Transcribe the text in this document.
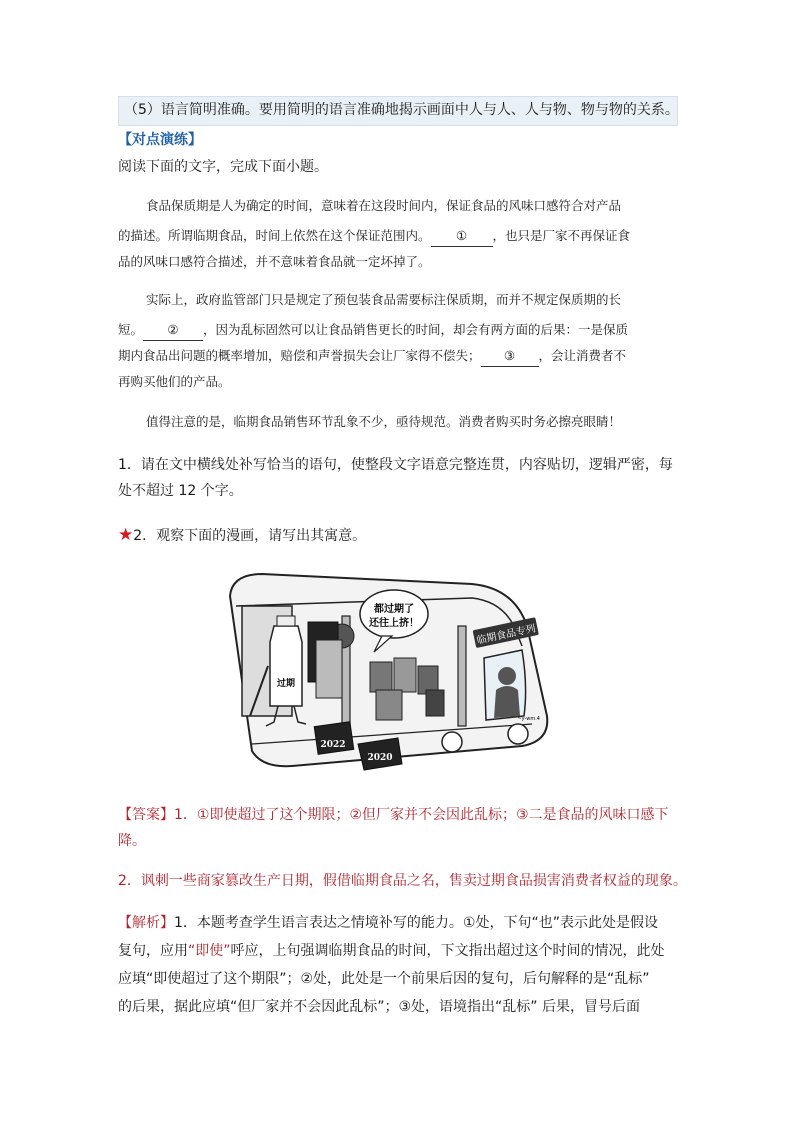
（5）语言简明准确。要用简明的语言准确地揭示画面中人与人、人与物、物与物的关系。
【对点演练】
阅读下面的文字，完成下面小题。
食品保质期是人为确定的时间，意味着在这段时间内，保证食品的风味口感符合对产品
的描述。所谓临期食品，时间上依然在这个保证范围内。 ① ，也只是厂家不再保证食
品的风味口感符合描述，并不意味着食品就一定坏掉了。
实际上，政府监管部门只是规定了预包装食品需要标注保质期，而并不规定保质期的长
短。 ② ，因为乱标固然可以让食品销售更长的时间，却会有两方面的后果：一是保质
期内食品出问题的概率增加，赔偿和声誉损失会让厂家得不偿失； ③ ，会让消费者不
再购买他们的产品。
值得注意的是，临期食品销售环节乱象不少，亟待规范。消费者购买时务必擦亮眼睛！
1．请在文中横线处补写恰当的语句，使整段文字语意完整连贯，内容贴切，逻辑严密，每
处不超过 12 个字。
★2．观察下面的漫画，请写出其寓意。
临期食品专列
都过期了
还往上挤！
过期
2022
2020
~y-wm.4
【答案】1．①即使超过了这个期限；②但厂家并不会因此乱标；③二是食品的风味口感下
降。
2．讽刺一些商家篡改生产日期，假借临期食品之名，售卖过期食品损害消费者权益的现象。
【解析】1．本题考查学生语言表达之情境补写的能力。①处，下句“也”表示此处是假设
复句，应用“即使”呼应，上句强调临期食品的时间，下文指出超过这个时间的情况，此处
应填“即使超过了这个期限”；②处，此处是一个前果后因的复句，后句解释的是“乱标”
的后果，据此应填“但厂家并不会因此乱标”；③处，语境指出“乱标” 后果，冒号后面
